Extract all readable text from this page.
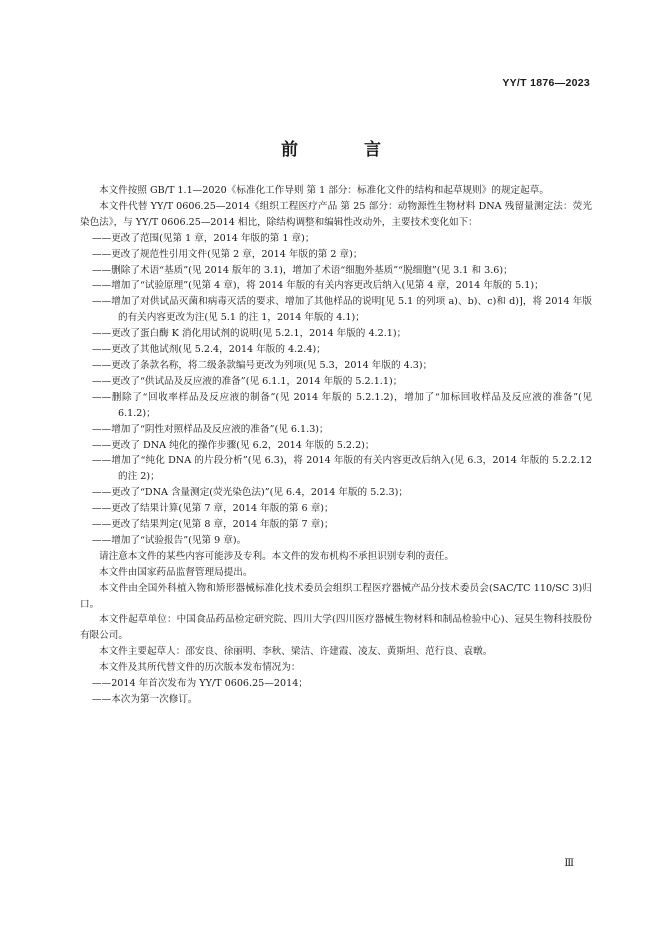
YY/T 1876—2023
前 言

本文件按照 GB/T 1.1—2020《标准化工作导则 第 1 部分：标准化文件的结构和起草规则》的规定起草。

本文件代替 YY/T 0606.25—2014《组织工程医疗产品 第 25 部分：动物源性生物材料 DNA 残留量测定法：荧光染色法》，与 YY/T 0606.25—2014 相比，除结构调整和编辑性改动外，主要技术变化如下：

——更改了范围(见第 1 章，2014 年版的第 1 章)；

——更改了规范性引用文件(见第 2 章，2014 年版的第 2 章)；

——删除了术语“基质”(见 2014 版年的 3.1)，增加了术语“细胞外基质”“脱细胞”(见 3.1 和 3.6)；

——增加了“试验原理”(见第 4 章)，将 2014 年版的有关内容更改后纳入(见第 4 章，2014 年版的 5.1)；

——增加了对供试品灭菌和病毒灭活的要求、增加了其他样品的说明[见 5.1 的列项 a)、b)、c)和 d)]，将 2014 年版的有关内容更改为注(见 5.1 的注 1，2014 年版的 4.1)；

——更改了蛋白酶 K 消化用试剂的说明(见 5.2.1，2014 年版的 4.2.1)；

——更改了其他试剂(见 5.2.4，2014 年版的 4.2.4)；

——更改了条款名称，将二级条款编号更改为列项(见 5.3，2014 年版的 4.3)；

——更改了“供试品及反应液的准备”(见 6.1.1，2014 年版的 5.2.1.1)；

——删除了“回收率样品及反应液的制备”(见 2014 年版的 5.2.1.2)，增加了“加标回收样品及反应液的准备”(见 6.1.2)；

——增加了“阴性对照样品及反应液的准备”(见 6.1.3)；

——更改了 DNA 纯化的操作步骤(见 6.2，2014 年版的 5.2.2)；

——增加了“纯化 DNA 的片段分析”(见 6.3)，将 2014 年版的有关内容更改后纳入(见 6.3，2014 年版的 5.2.2.12 的注 2)；

——更改了“DNA 含量测定(荧光染色法)”(见 6.4，2014 年版的 5.2.3)；

——更改了结果计算(见第 7 章，2014 年版的第 6 章)；

——更改了结果判定(见第 8 章，2014 年版的第 7 章)；

——增加了“试验报告”(见第 9 章)。

请注意本文件的某些内容可能涉及专利。本文件的发布机构不承担识别专利的责任。

本文件由国家药品监督管理局提出。

本文件由全国外科植入物和矫形器械标准化技术委员会组织工程医疗器械产品分技术委员会(SAC/TC 110/SC 3)归口。

本文件起草单位：中国食品药品检定研究院、四川大学(四川医疗器械生物材料和制品检验中心)、冠昊生物科技股份有限公司。

本文件主要起草人：邵安良、徐丽明、李秋、梁洁、许建霞、凌友、黄斯坦、范行良、袁暾。

本文件及其所代替文件的历次版本发布情况为：

——2014 年首次发布为 YY/T 0606.25—2014；

——本次为第一次修订。

Ⅲ
